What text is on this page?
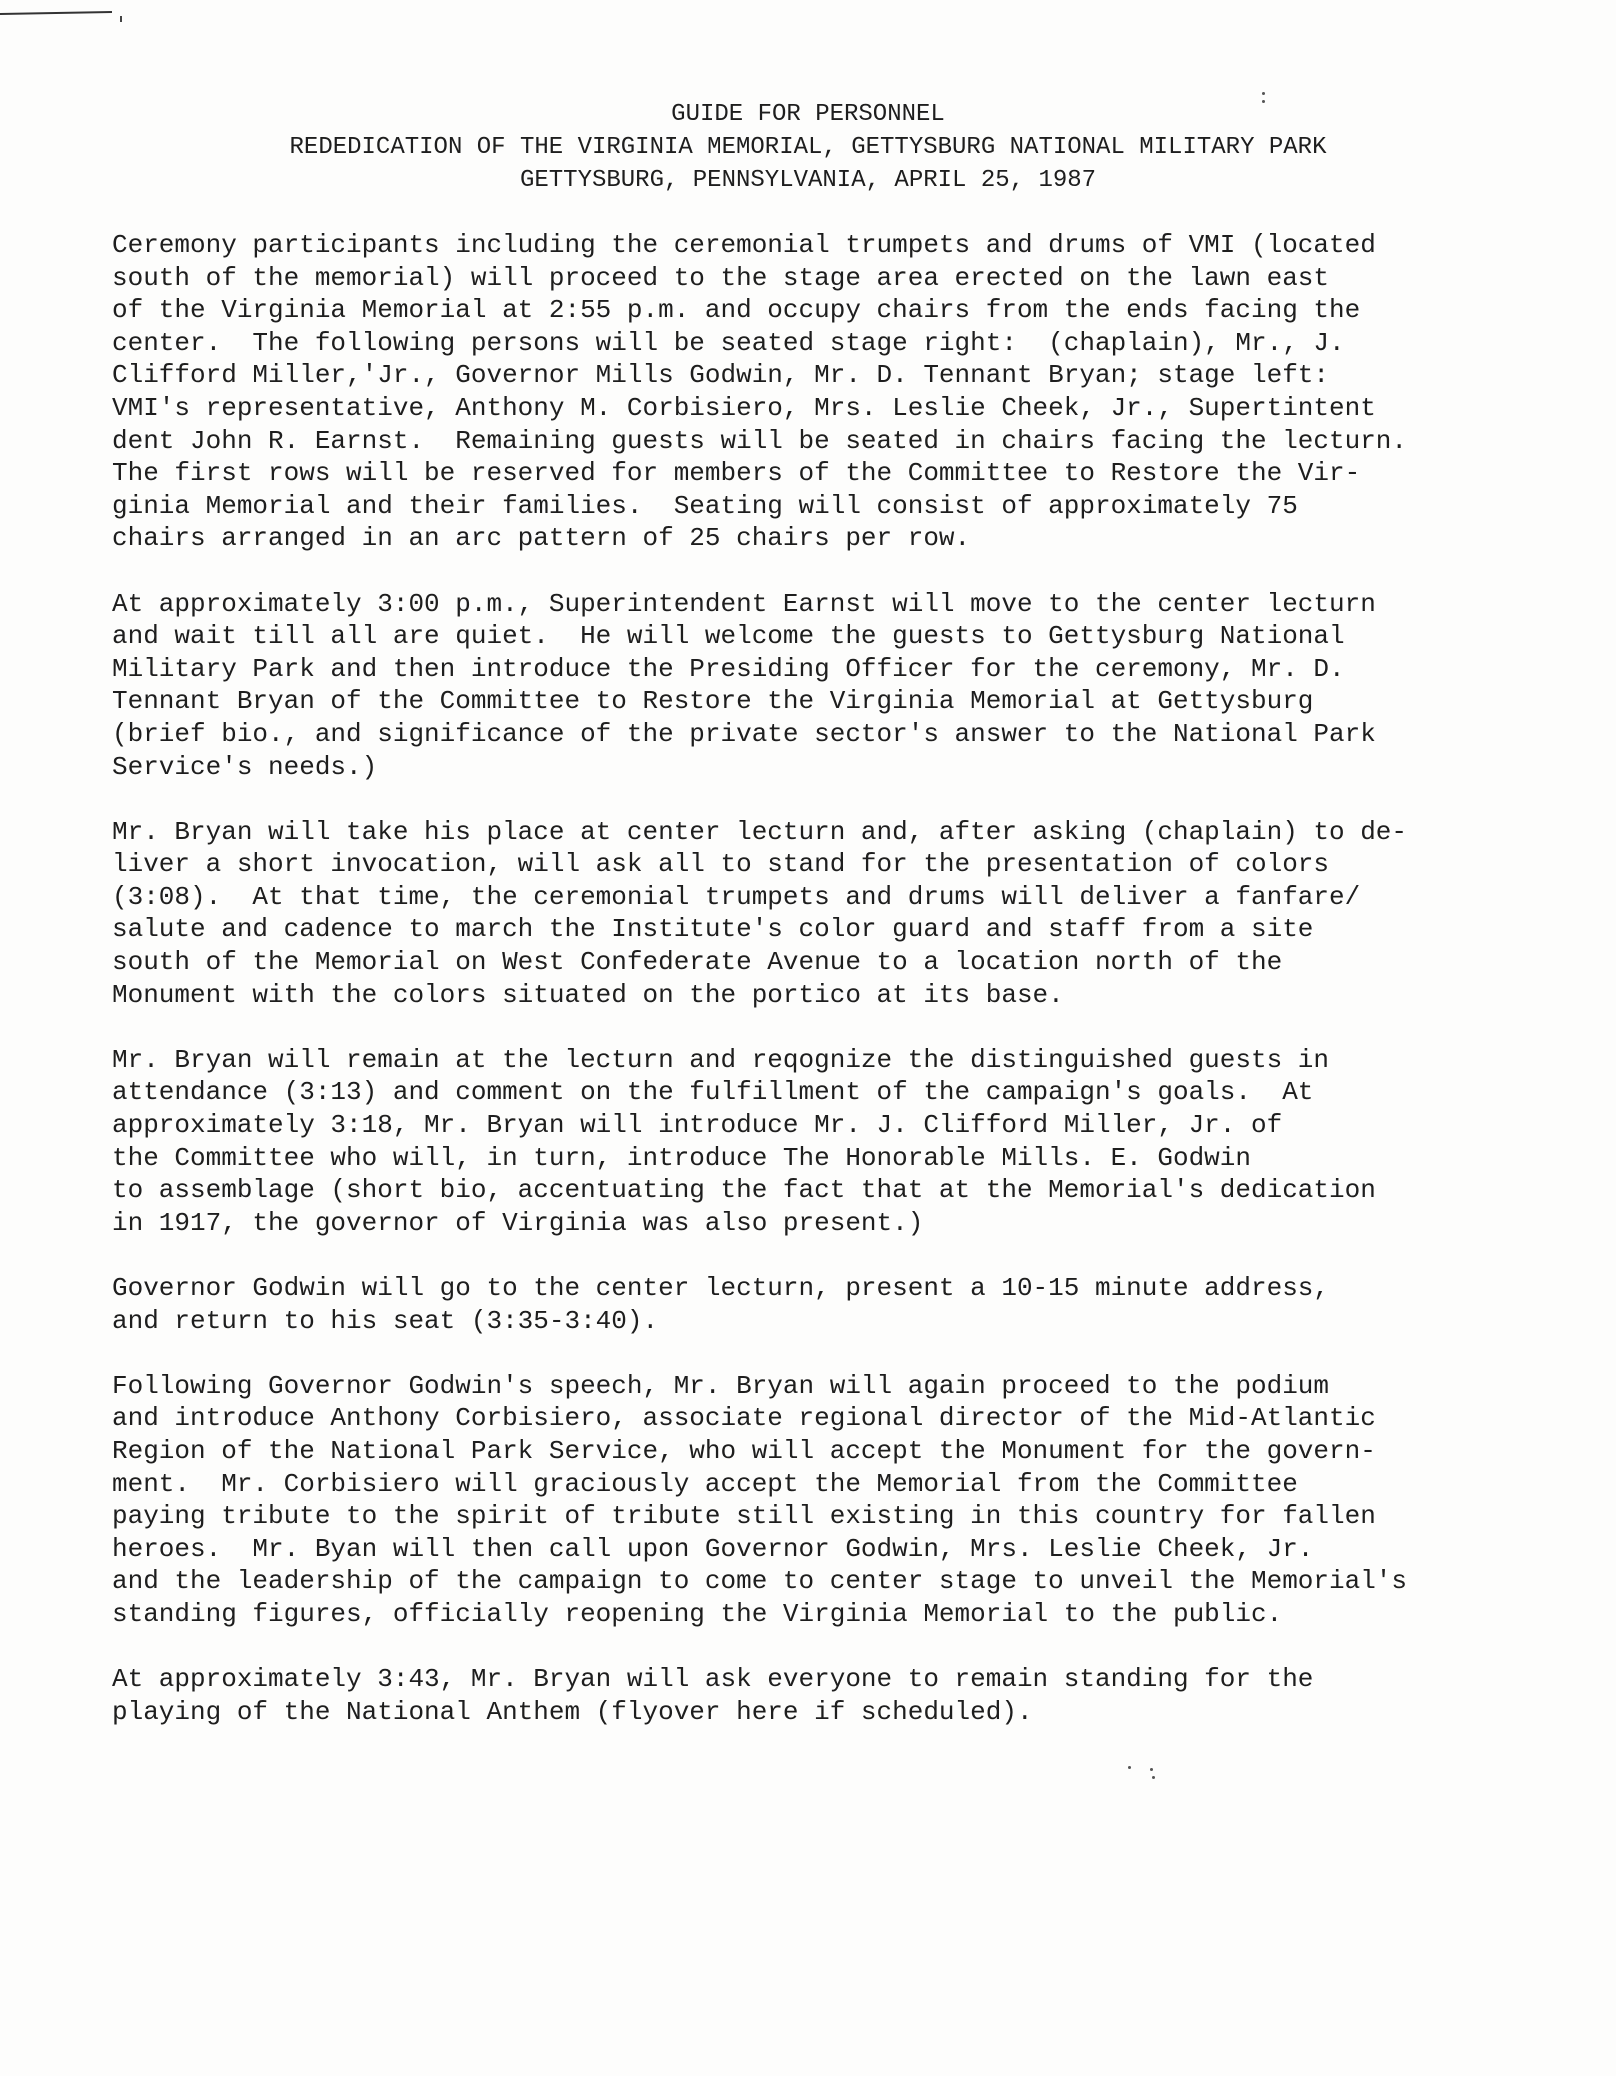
GUIDE FOR PERSONNEL
REDEDICATION OF THE VIRGINIA MEMORIAL, GETTYSBURG NATIONAL MILITARY PARK
GETTYSBURG, PENNSYLVANIA, APRIL 25, 1987
Ceremony participants including the ceremonial trumpets and drums of VMI (located
south of the memorial) will proceed to the stage area erected on the lawn east
of the Virginia Memorial at 2:55 p.m. and occupy chairs from the ends facing the
center.  The following persons will be seated stage right:  (chaplain), Mr., J.
Clifford Miller,'Jr., Governor Mills Godwin, Mr. D. Tennant Bryan; stage left:
VMI's representative, Anthony M. Corbisiero, Mrs. Leslie Cheek, Jr., Supertintent
dent John R. Earnst.  Remaining guests will be seated in chairs facing the lecturn.
The first rows will be reserved for members of the Committee to Restore the Vir-
ginia Memorial and their families.  Seating will consist of approximately 75
chairs arranged in an arc pattern of 25 chairs per row.
At approximately 3:00 p.m., Superintendent Earnst will move to the center lecturn
and wait till all are quiet.  He will welcome the guests to Gettysburg National
Military Park and then introduce the Presiding Officer for the ceremony, Mr. D.
Tennant Bryan of the Committee to Restore the Virginia Memorial at Gettysburg
(brief bio., and significance of the private sector's answer to the National Park
Service's needs.)
Mr. Bryan will take his place at center lecturn and, after asking (chaplain) to de-
liver a short invocation, will ask all to stand for the presentation of colors
(3:08).  At that time, the ceremonial trumpets and drums will deliver a fanfare/
salute and cadence to march the Institute's color guard and staff from a site
south of the Memorial on West Confederate Avenue to a location north of the
Monument with the colors situated on the portico at its base.
Mr. Bryan will remain at the lecturn and reqognize the distinguished guests in
attendance (3:13) and comment on the fulfillment of the campaign's goals.  At
approximately 3:18, Mr. Bryan will introduce Mr. J. Clifford Miller, Jr. of
the Committee who will, in turn, introduce The Honorable Mills. E. Godwin
to assemblage (short bio, accentuating the fact that at the Memorial's dedication
in 1917, the governor of Virginia was also present.)
Governor Godwin will go to the center lecturn, present a 10-15 minute address,
and return to his seat (3:35-3:40).
Following Governor Godwin's speech, Mr. Bryan will again proceed to the podium
and introduce Anthony Corbisiero, associate regional director of the Mid-Atlantic
Region of the National Park Service, who will accept the Monument for the govern-
ment.  Mr. Corbisiero will graciously accept the Memorial from the Committee
paying tribute to the spirit of tribute still existing in this country for fallen
heroes.  Mr. Byan will then call upon Governor Godwin, Mrs. Leslie Cheek, Jr.
and the leadership of the campaign to come to center stage to unveil the Memorial's
standing figures, officially reopening the Virginia Memorial to the public.
At approximately 3:43, Mr. Bryan will ask everyone to remain standing for the
playing of the National Anthem (flyover here if scheduled).
